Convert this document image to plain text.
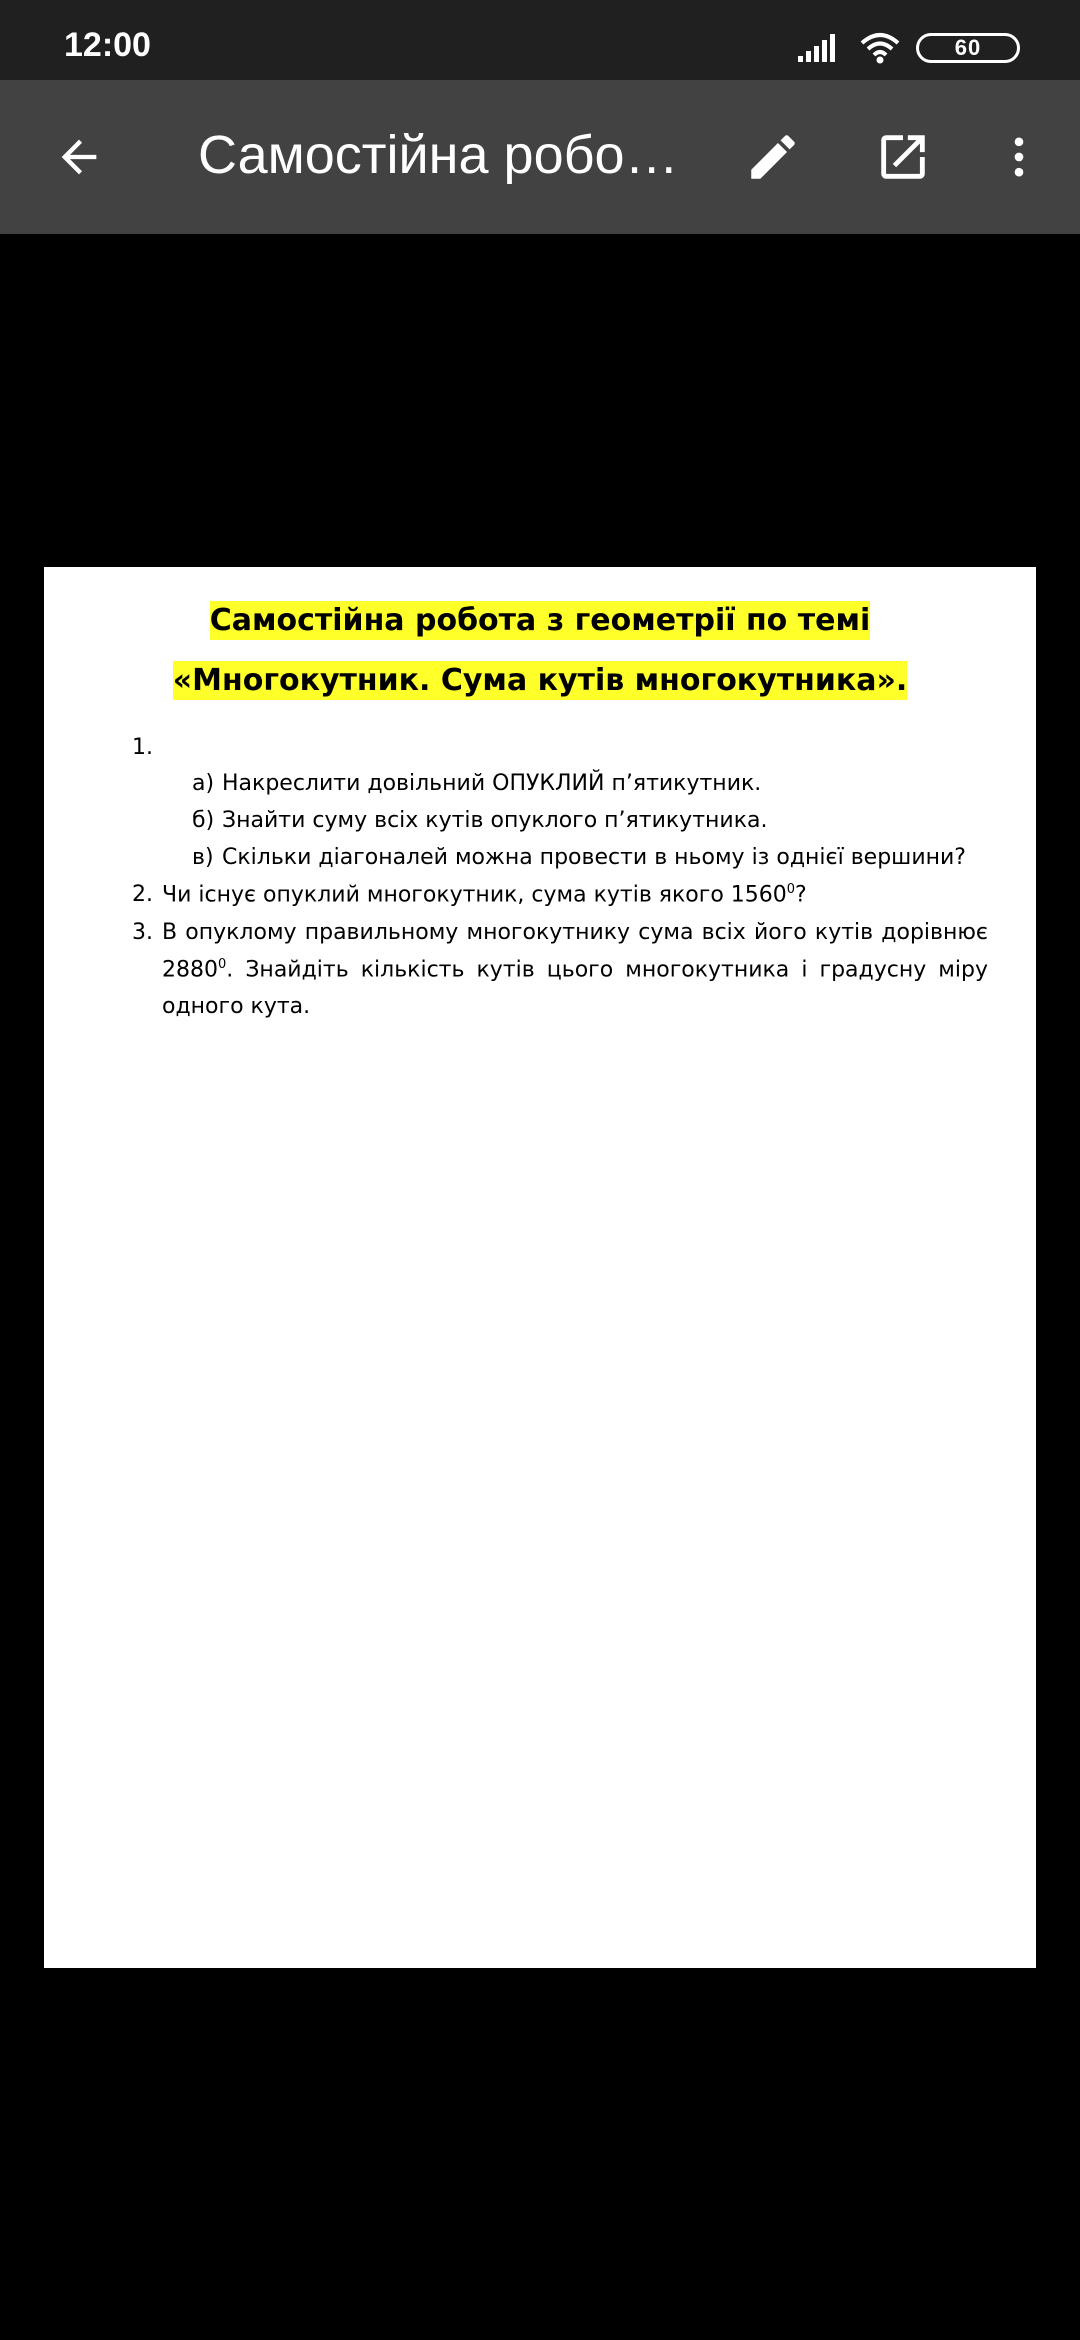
12:00	60
Самостійна робо…
Самостійна робота з геометрії по темі
«Многокутник. Сума кутів многокутника».
1.
а) Накреслити довільний ОПУКЛИЙ п’ятикутник.
б) Знайти суму всіх кутів опуклого п’ятикутника.
в) Скільки діагоналей можна провести в ньому із однієї вершини?
2. Чи існує опуклий многокутник, сума кутів якого 1560$^0$?
3. В опуклому правильному многокутнику сума всіх його кутів дорівнює
2880$^0$. Знайдіть кількість кутів цього многокутника і градусну міру
одного кута.
